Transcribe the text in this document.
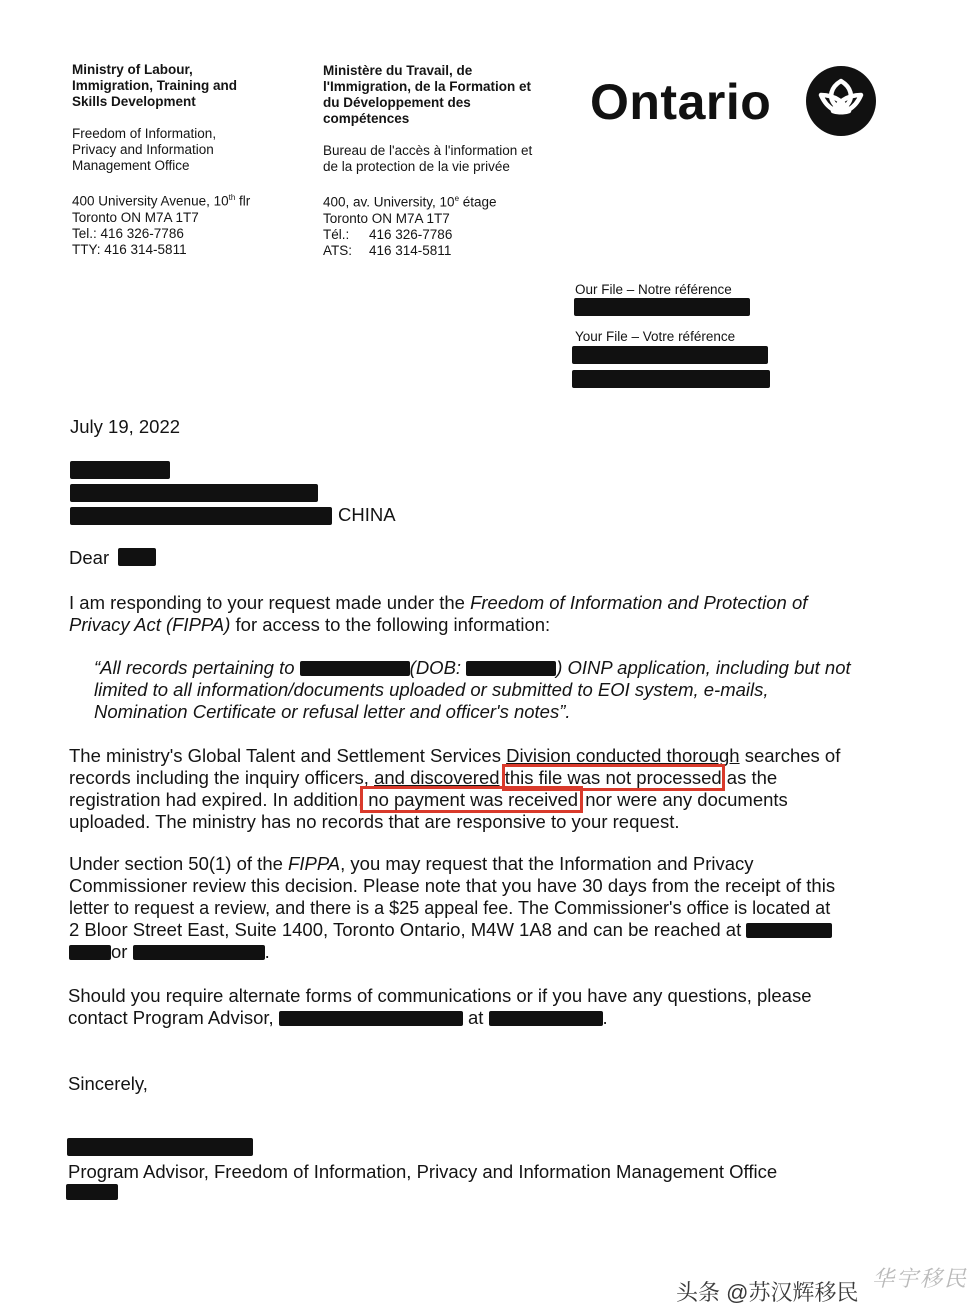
Ministry of Labour,
Immigration, Training and
Skills Development
Freedom of Information,
Privacy and Information
Management Office
400 University Avenue, 10th flr
Toronto ON M7A 1T7
Tel.: 416 326-7786
TTY: 416 314-5811
Ministère du Travail, de
l'Immigration, de la Formation et
du Développement des
compétences
Bureau de l'accès à l'information et
de la protection de la vie privée
400, av. University, 10e étage
Toronto ON M7A 1T7
Tél.: 416 326-7786
ATS: 416 314-5811
Ontario
Our File – Notre référence
Your File – Votre référence
July 19, 2022
CHINA
Dear
I am responding to your request made under the Freedom of Information and Protection of
Privacy Act (FIPPA) for access to the following information:
“All records pertaining to	(DOB:	) OINP application, including but not
limited to all information/documents uploaded or submitted to EOI system, e-mails,
Nomination Certificate or refusal letter and officer's notes”.
The ministry's Global Talent and Settlement Services Division conducted thorough searches of
records including the inquiry officers, and discovered this file was not processed as the
registration had expired. In addition, no payment was received nor were any documents
uploaded. The ministry has no records that are responsive to your request.
Under section 50(1) of the FIPPA, you may request that the Information and Privacy
Commissioner review this decision. Please note that you have 30 days from the receipt of this
letter to request a review, and there is a $25 appeal fee. The Commissioner's office is located at
2 Bloor Street East, Suite 1400, Toronto Ontario, M4W 1A8 and can be reached at
or	.
Should you require alternate forms of communications or if you have any questions, please
contact Program Advisor,	at	.
Sincerely,
Program Advisor, Freedom of Information, Privacy and Information Management Office
头条 @苏汉辉移民
华宇移民
